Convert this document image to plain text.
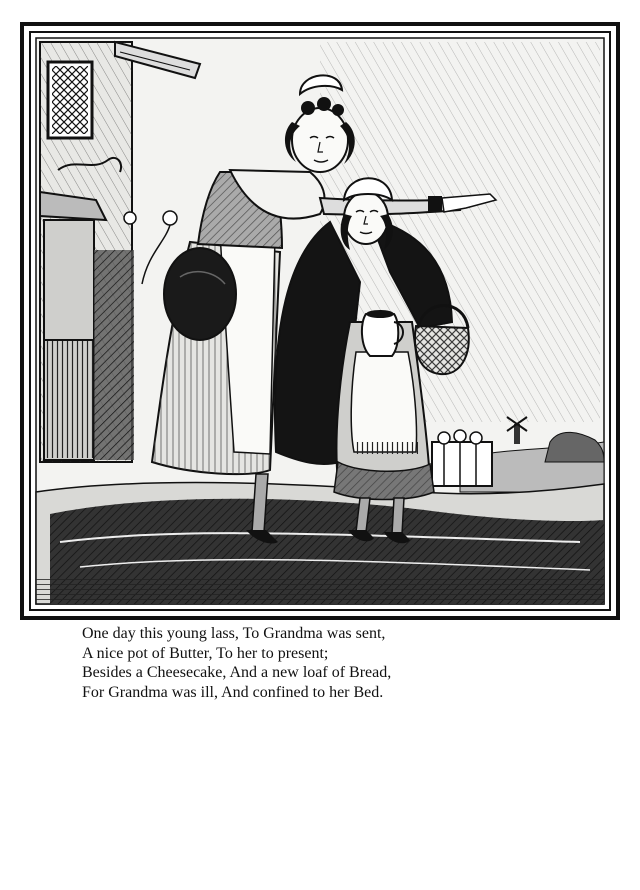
One day this young lass, To Grandma was sent,
A nice pot of Butter, To her to present;
Besides a Cheesecake, And a new loaf of Bread,
For Grandma was ill, And confined to her Bed.
